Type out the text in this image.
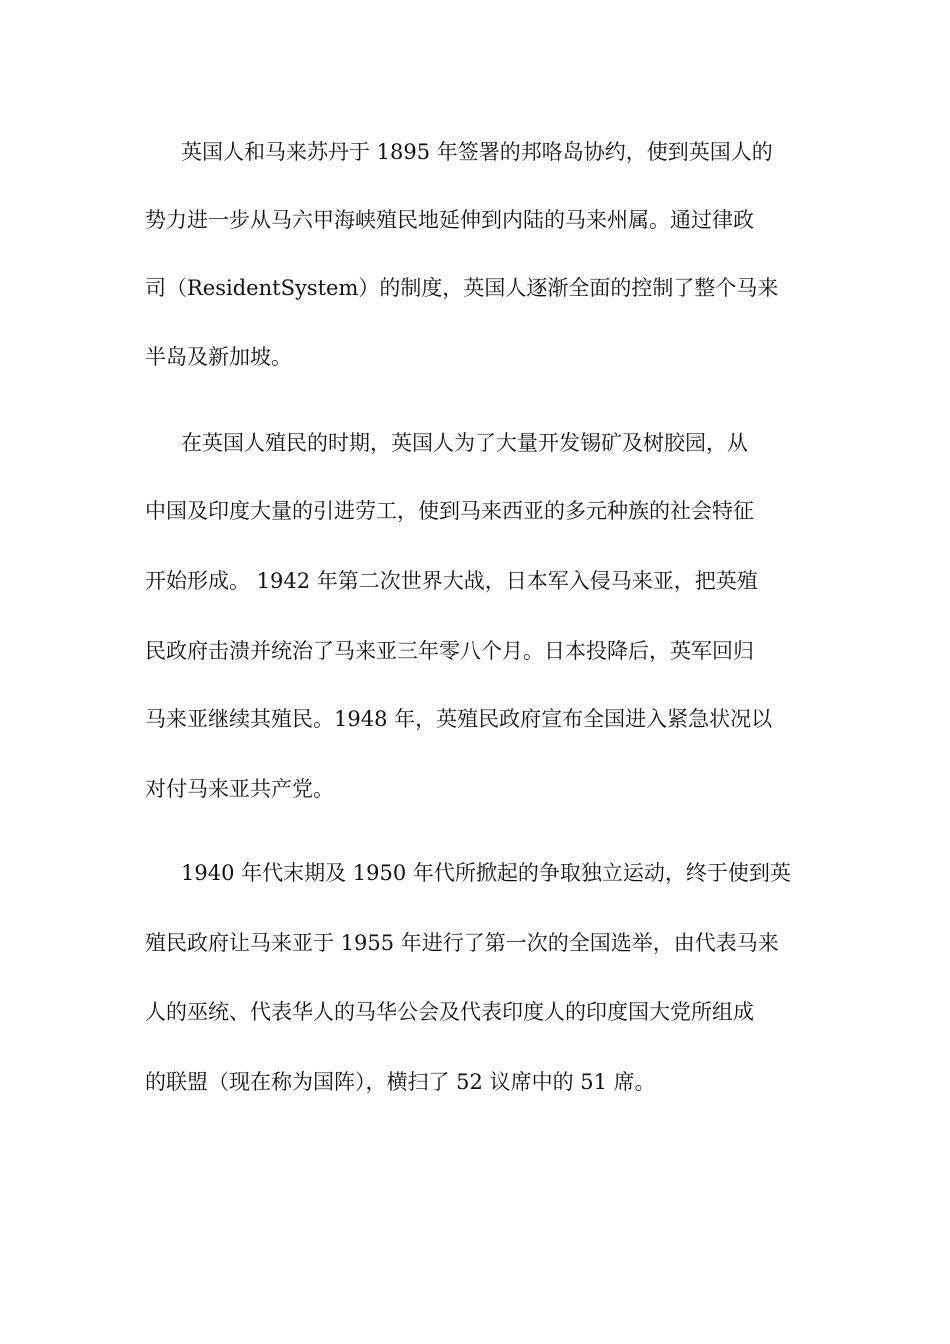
英国人和马来苏丹于 1895 年签署的邦咯岛协约，使到英国人的
势力进一步从马六甲海峡殖民地延伸到内陆的马来州属。通过律政
司（ResidentSystem）的制度，英国人逐渐全面的控制了整个马来
半岛及新加坡。
在英国人殖民的时期，英国人为了大量开发锡矿及树胶园，从
中国及印度大量的引进劳工，使到马来西亚的多元种族的社会特征
开始形成。 1942 年第二次世界大战，日本军入侵马来亚，把英殖
民政府击溃并统治了马来亚三年零八个月。日本投降后，英军回归
马来亚继续其殖民。1948 年，英殖民政府宣布全国进入紧急状况以
对付马来亚共产党。
1940 年代末期及 1950 年代所掀起的争取独立运动，终于使到英
殖民政府让马来亚于 1955 年进行了第一次的全国选举，由代表马来
人的巫统、代表华人的马华公会及代表印度人的印度国大党所组成
的联盟（现在称为国阵），横扫了 52 议席中的 51 席。
